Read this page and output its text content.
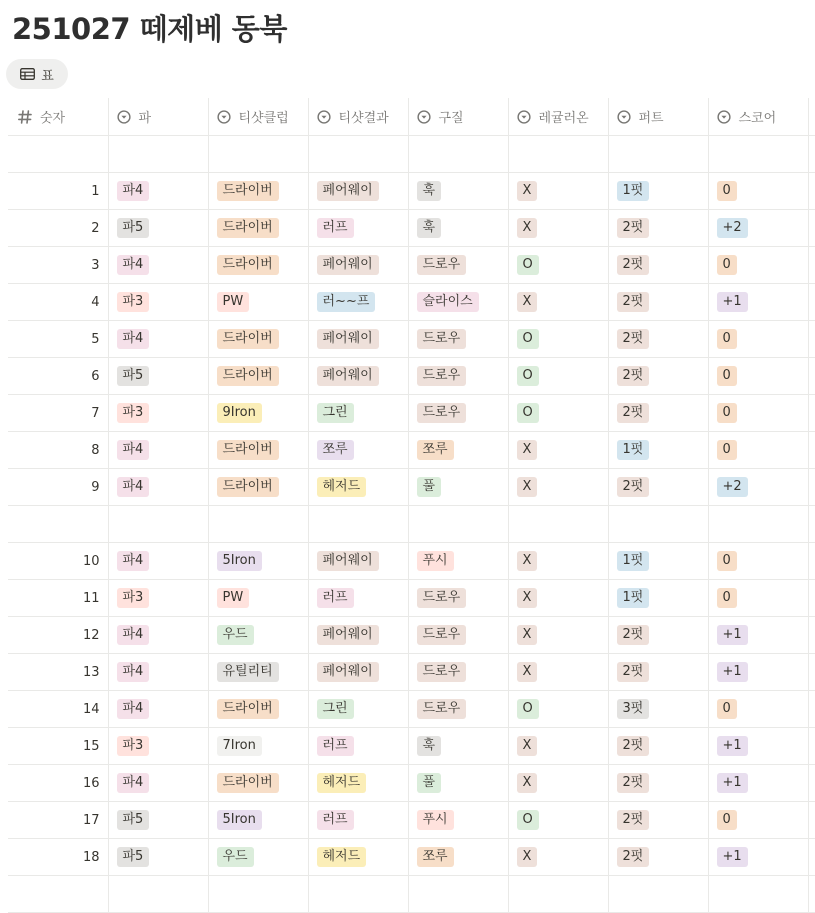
251027 떼제베 동북
표
숫자	파	티샷클럽	티샷결과	구질	레귤러온	퍼트	스코어	

1	파4	드라이버	페어웨이	훅	X	1펏	0	
2	파5	드라이버	러프	훅	X	2펏	+2	
3	파4	드라이버	페어웨이	드로우	O	2펏	0	
4	파3	PW	러~~프	슬라이스	X	2펏	+1	
5	파4	드라이버	페어웨이	드로우	O	2펏	0	
6	파5	드라이버	페어웨이	드로우	O	2펏	0	
7	파3	9Iron	그린	드로우	O	2펏	0	
8	파4	드라이버	쪼루	쪼루	X	1펏	0	
9	파4	드라이버	헤저드	풀	X	2펏	+2	

10	파4	5Iron	페어웨이	푸시	X	1펏	0	
11	파3	PW	러프	드로우	X	1펏	0	
12	파4	우드	페어웨이	드로우	X	2펏	+1	
13	파4	유틸리티	페어웨이	드로우	X	2펏	+1	
14	파4	드라이버	그린	드로우	O	3펏	0	
15	파3	7Iron	러프	훅	X	2펏	+1	
16	파4	드라이버	헤저드	풀	X	2펏	+1	
17	파5	5Iron	러프	푸시	O	2펏	0	
18	파5	우드	헤저드	쪼루	X	2펏	+1	
